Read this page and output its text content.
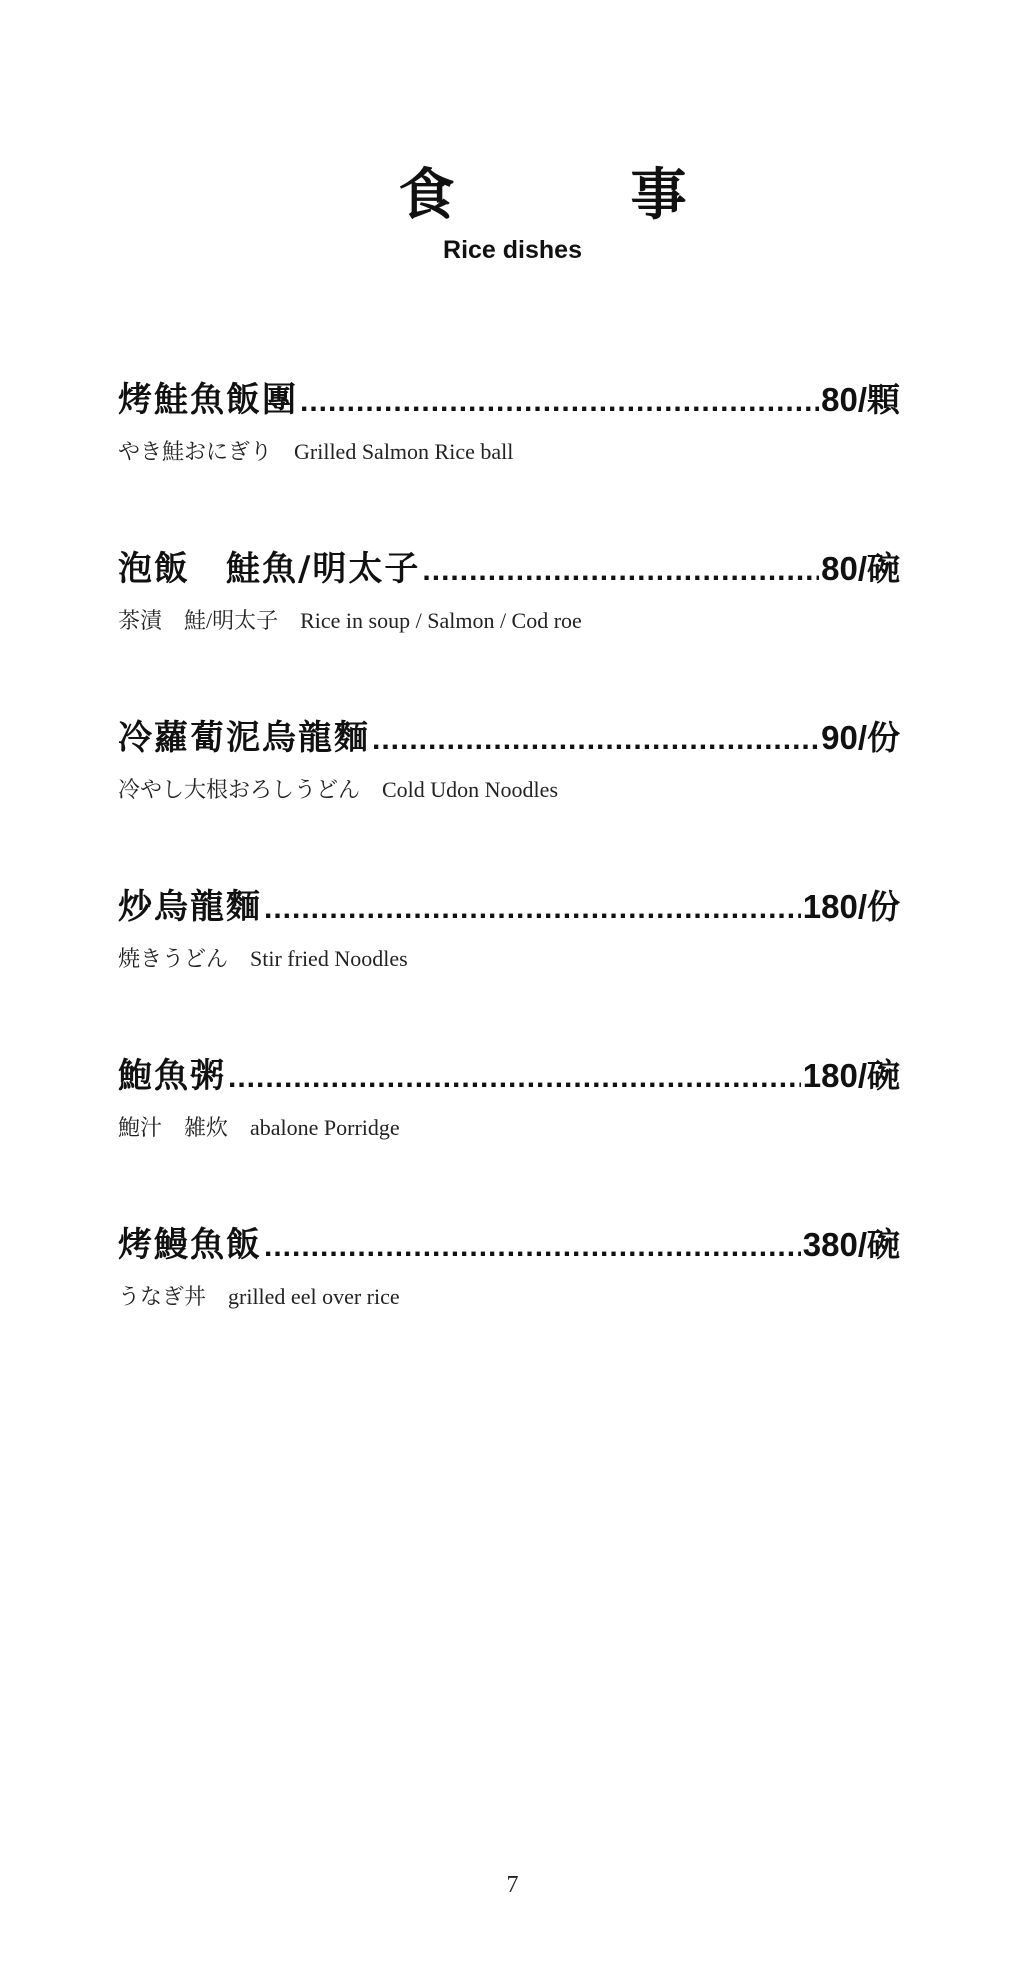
食　事
Rice dishes
烤鮭魚飯團 .....	80/顆
やき鮭おにぎり　Grilled Salmon Rice ball
泡飯　鮭魚/明太子 .....	80/碗
茶漬　鮭/明太子　Rice in soup / Salmon / Cod roe
冷蘿蔔泥烏龍麵 .....	90/份
冷やし大根おろしうどん　Cold Udon Noodles
炒烏龍麵 .....	180/份
焼きうどん　Stir fried Noodles
鮑魚粥 .....	180/碗
鮑汁　雑炊　abalone Porridge
烤鰻魚飯 .....	380/碗
うなぎ丼　grilled eel over rice
7
